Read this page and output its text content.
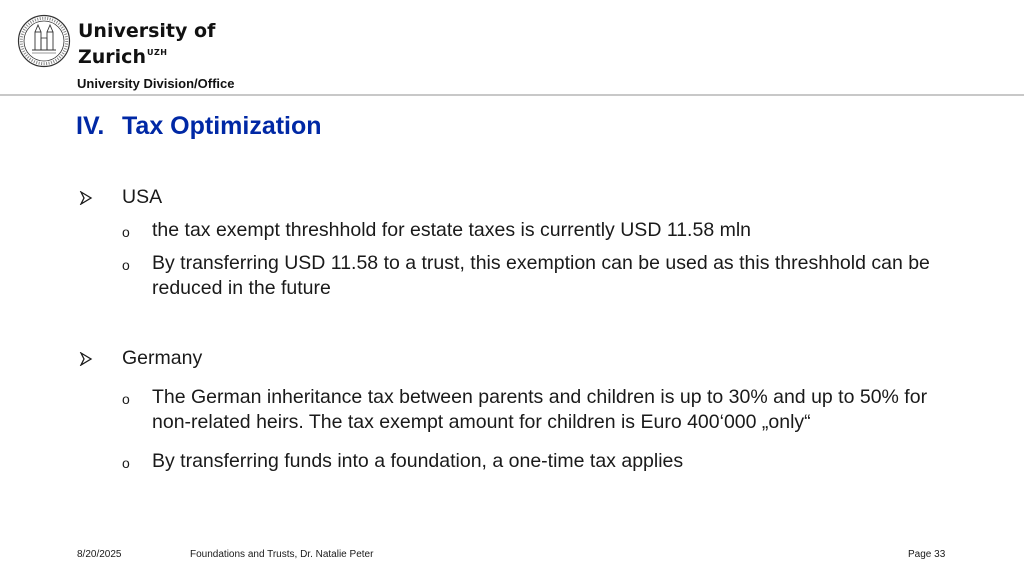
University of
Zurich$^{UZH}$
University Division/Office
IV. Tax Optimization
USA
o the tax exempt threshhold for estate taxes is currently USD 11.58 mln
o By transferring USD 11.58 to a trust, this exemption can be used as this threshhold can be reduced in the future
Germany
o The German inheritance tax between parents and children is up to 30% and up to 50% for non-related heirs. The tax exempt amount for children is Euro 400‘000 „only“
o By transferring funds into a foundation, a one-time tax applies
8/20/2025	Foundations and Trusts, Dr. Natalie Peter	Page 33
